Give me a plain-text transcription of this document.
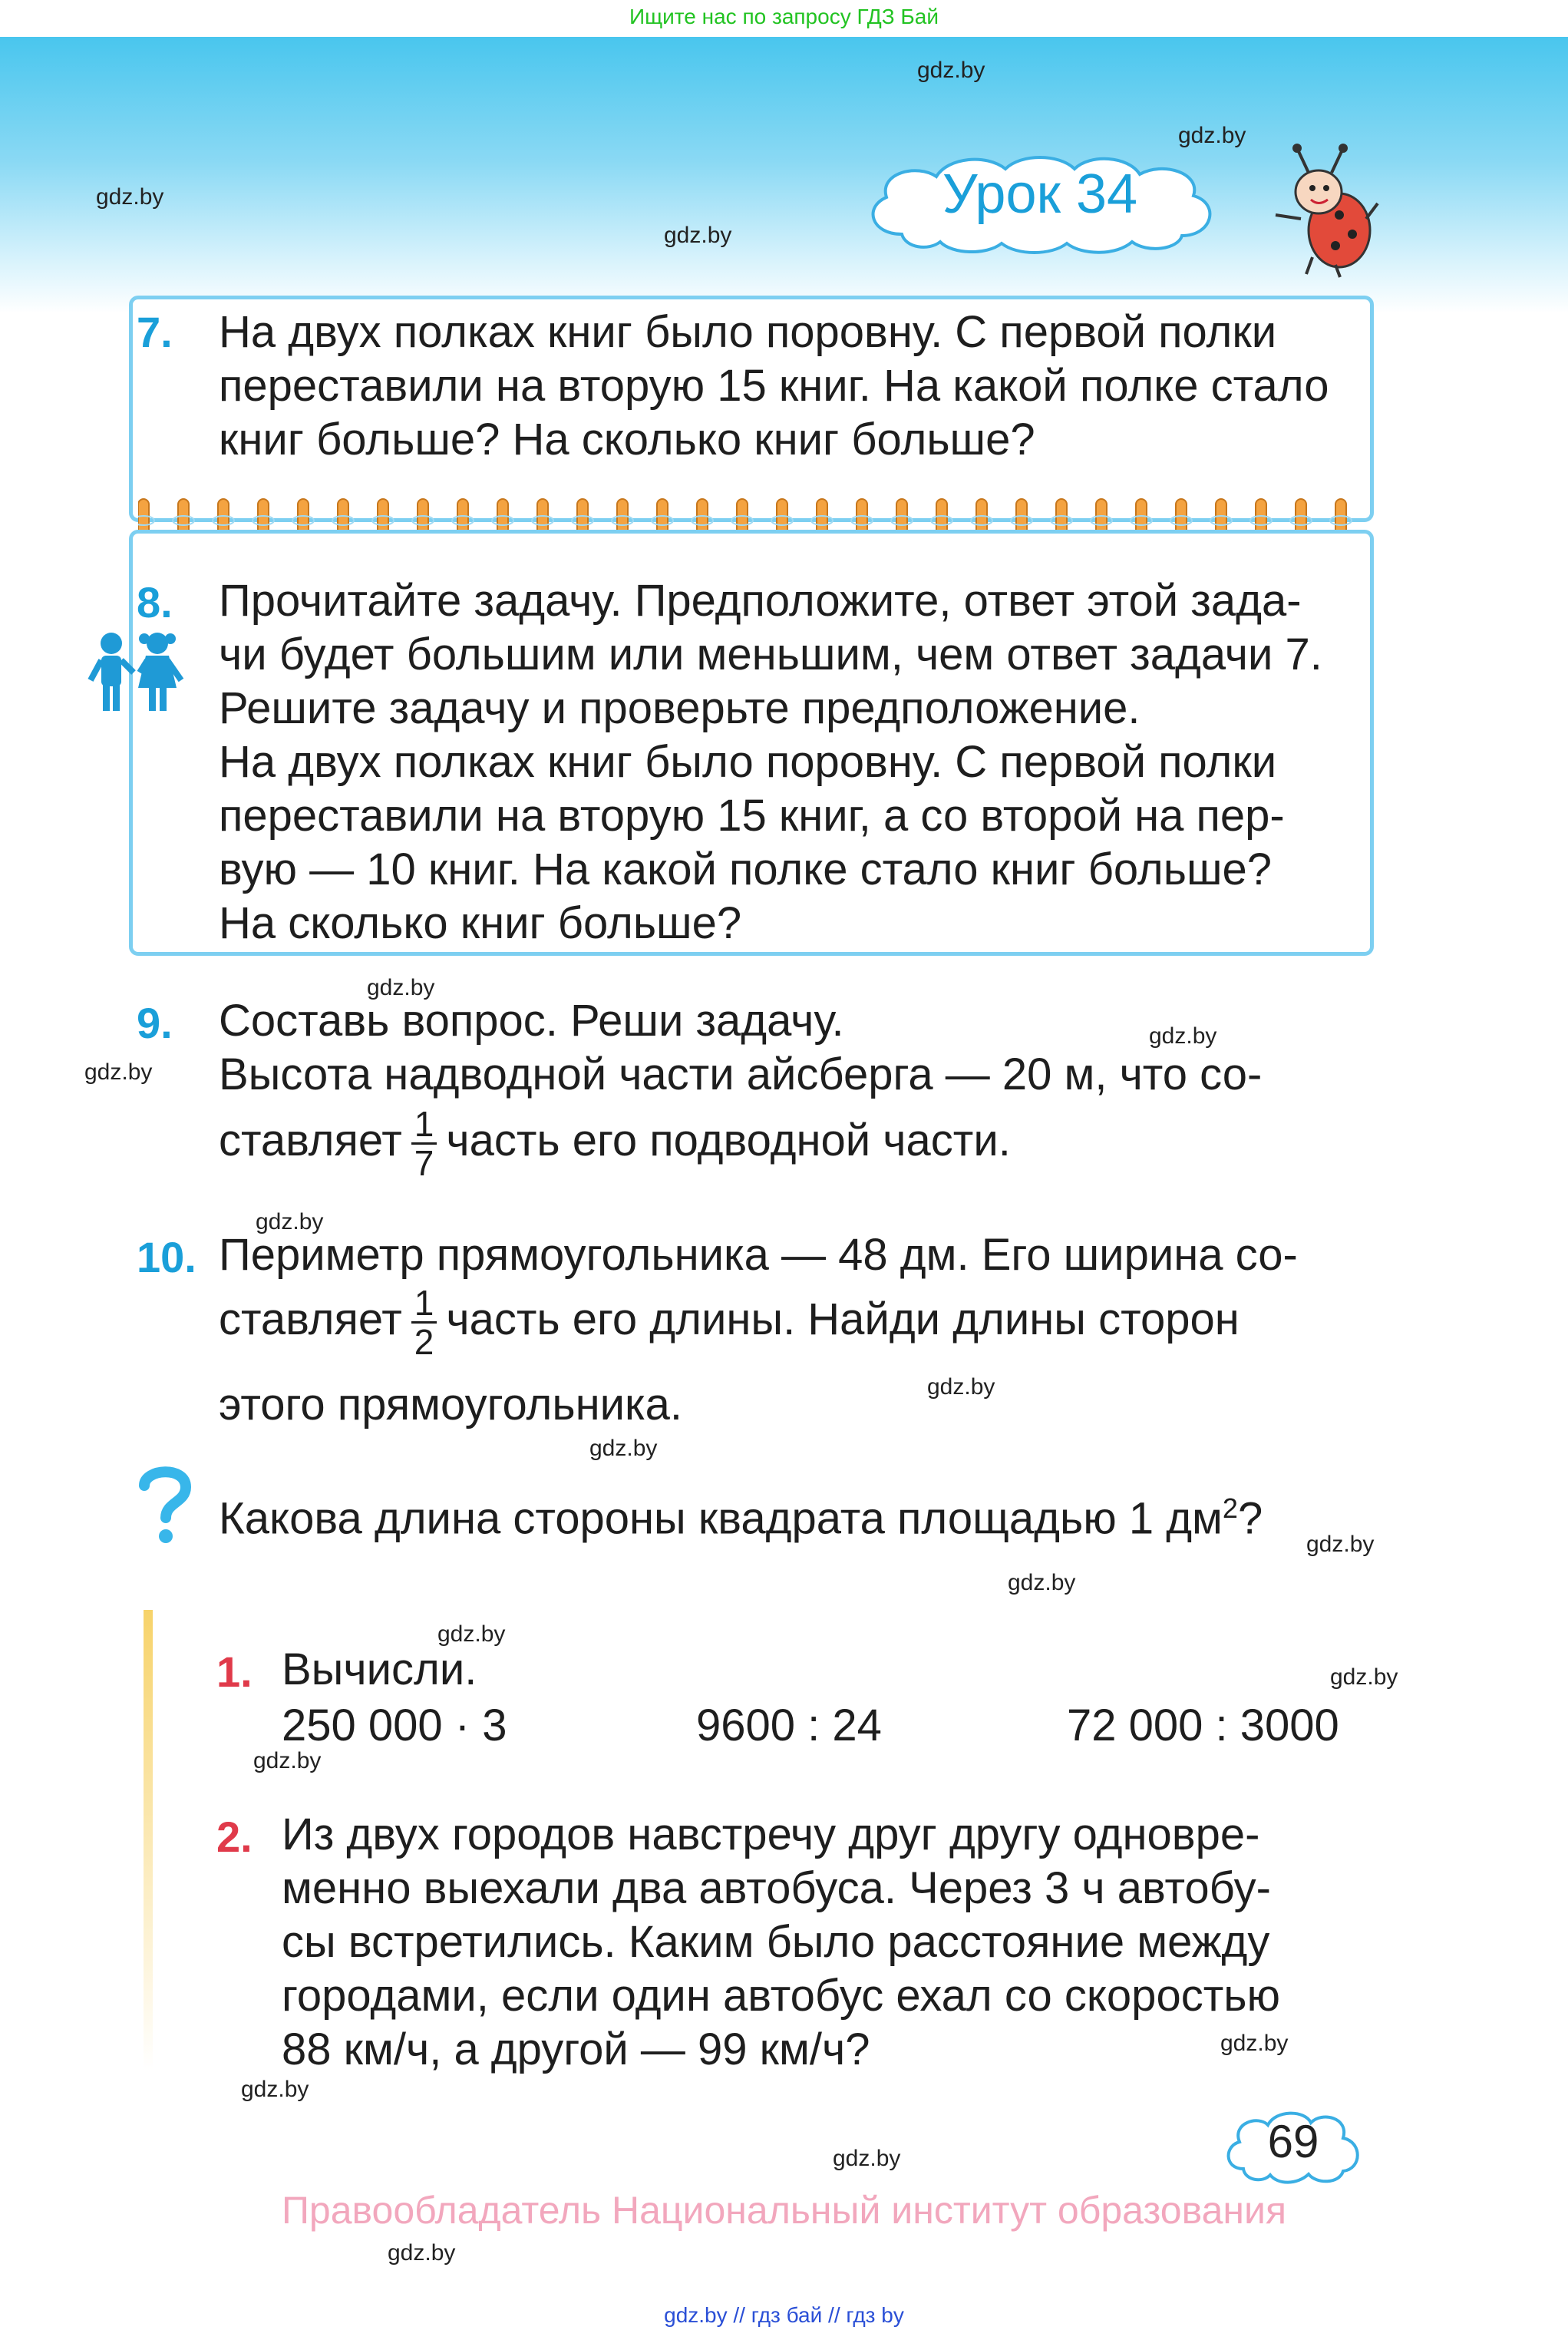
Ищите нас по запросу ГДЗ Бай
Урок 34
gdz.by
gdz.by
gdz.by
gdz.by
gdz.by
gdz.by
gdz.by
gdz.by
gdz.by
gdz.by
gdz.by
gdz.by
gdz.by
gdz.by
gdz.by
gdz.by
gdz.by
gdz.by
gdz.by
7. На двух полках книг было поровну. С первой полки
переставили на вторую 15 книг. На какой полке стало
книг больше? На сколько книг больше?
8. Прочитайте задачу. Предположите, ответ этой зада-
чи будет большим или меньшим, чем ответ задачи 7.
Решите задачу и проверьте предположение.
На двух полках книг было поровну. С первой полки
переставили на вторую 15 книг, а со второй на пер-
вую — 10 книг. На какой полке стало книг больше?
На сколько книг больше?
9. Составь вопрос. Реши задачу.
Высота надводной части айсберга — 20 м, что со-
ставляет $\frac{1}{7}$ часть его подводной части.
10. Периметр прямоугольника — 48 дм. Его ширина со-
ставляет $\frac{1}{2}$ часть его длины. Найди длины сторон
этого прямоугольника.
Какова длина стороны квадрата площадью 1 $дм^2$?
1. Вычисли.
250 000 · 3	9600 : 24	72 000 : 3000
2. Из двух городов навстречу друг другу одновре-
менно выехали два автобуса. Через 3 ч автобу-
сы встретились. Каким было расстояние между
городами, если один автобус ехал со скоростью
88 км/ч, а другой — 99 км/ч?
69
Правообладатель Национальный институт образования
gdz.by // гдз бай // гдз by
